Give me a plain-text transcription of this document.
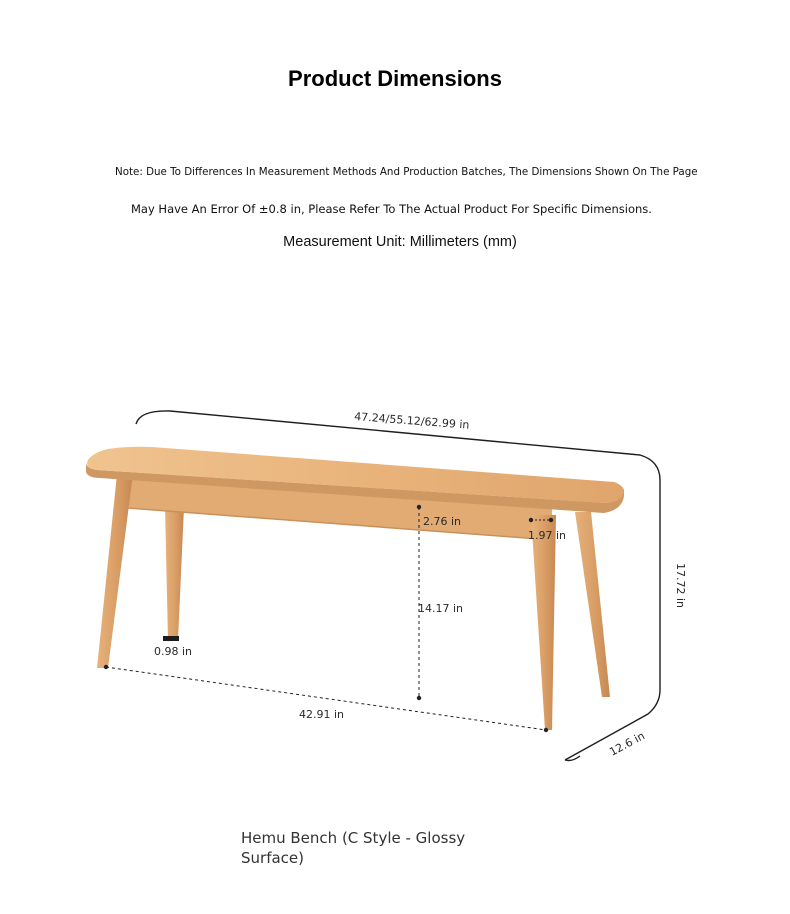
Product Dimensions
Note: Due To Differences In Measurement Methods And Production Batches, The Dimensions Shown On The Page
May Have An Error Of ±0.8 in, Please Refer To The Actual Product For Specific Dimensions.
Measurement Unit: Millimeters (mm)
47.24/55.12/62.99 in
17.72 in
12.6 in
2.76 in
1.97 in
14.17 in
0.98 in
42.91 in
Hemu Bench (C Style - Glossy Surface)
